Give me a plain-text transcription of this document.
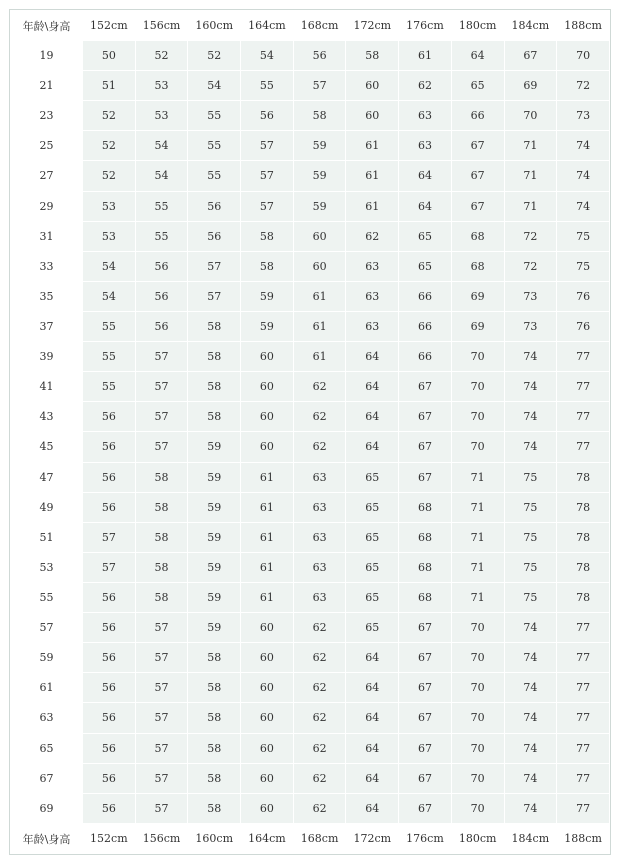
年龄\身高	152cm	156cm	160cm	164cm	168cm	172cm	176cm	180cm	184cm	188cm
19	50	52	52	54	56	58	61	64	67	70
21	51	53	54	55	57	60	62	65	69	72
23	52	53	55	56	58	60	63	66	70	73
25	52	54	55	57	59	61	63	67	71	74
27	52	54	55	57	59	61	64	67	71	74
29	53	55	56	57	59	61	64	67	71	74
31	53	55	56	58	60	62	65	68	72	75
33	54	56	57	58	60	63	65	68	72	75
35	54	56	57	59	61	63	66	69	73	76
37	55	56	58	59	61	63	66	69	73	76
39	55	57	58	60	61	64	66	70	74	77
41	55	57	58	60	62	64	67	70	74	77
43	56	57	58	60	62	64	67	70	74	77
45	56	57	59	60	62	64	67	70	74	77
47	56	58	59	61	63	65	67	71	75	78
49	56	58	59	61	63	65	68	71	75	78
51	57	58	59	61	63	65	68	71	75	78
53	57	58	59	61	63	65	68	71	75	78
55	56	58	59	61	63	65	68	71	75	78
57	56	57	59	60	62	65	67	70	74	77
59	56	57	58	60	62	64	67	70	74	77
61	56	57	58	60	62	64	67	70	74	77
63	56	57	58	60	62	64	67	70	74	77
65	56	57	58	60	62	64	67	70	74	77
67	56	57	58	60	62	64	67	70	74	77
69	56	57	58	60	62	64	67	70	74	77
年龄\身高	152cm	156cm	160cm	164cm	168cm	172cm	176cm	180cm	184cm	188cm
